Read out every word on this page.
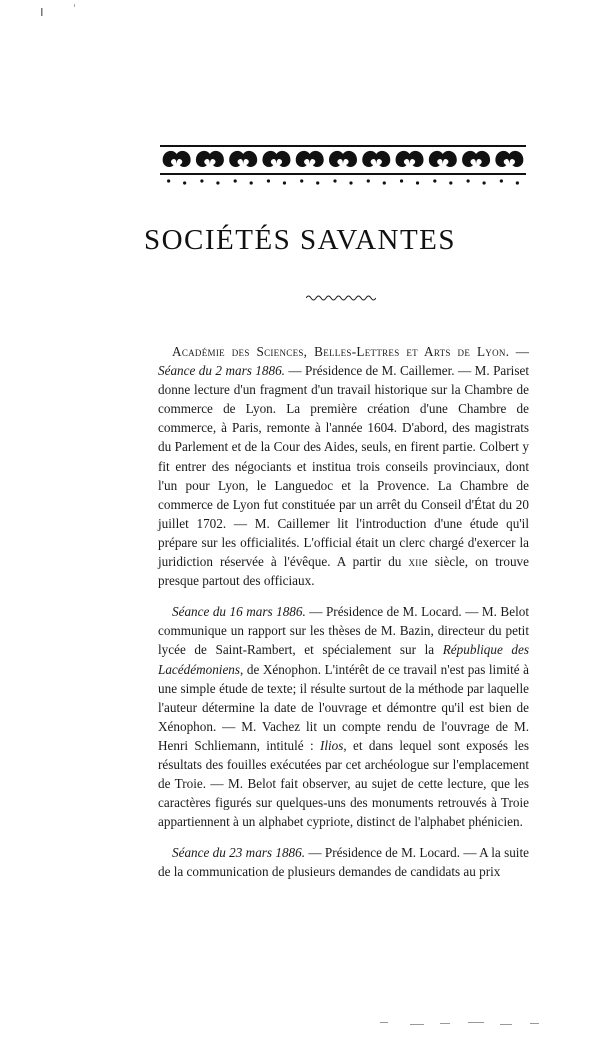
SOCIÉTÉS SAVANTES

Académie des Sciences, Belles-Lettres et Arts de Lyon. — Séance du 2 mars 1886. — Présidence de M. Caillemer. — M. Pariset donne lecture d'un fragment d'un travail historique sur la Chambre de commerce de Lyon. La première création d'une Chambre de commerce, à Paris, remonte à l'année 1604. D'abord, des magistrats du Parlement et de la Cour des Aides, seuls, en firent partie. Colbert y fit entrer des négociants et institua trois conseils provinciaux, dont l'un pour Lyon, le Languedoc et la Provence. La Chambre de commerce de Lyon fut constituée par un arrêt du Conseil d'État du 20 juillet 1702. — M. Caillemer lit l'introduction d'une étude qu'il prépare sur les officialités. L'official était un clerc chargé d'exercer la juridiction réservée à l'évêque. A partir du xiie siècle, on trouve presque partout des officiaux.

Séance du 16 mars 1886. — Présidence de M. Locard. — M. Belot communique un rapport sur les thèses de M. Bazin, directeur du petit lycée de Saint-Rambert, et spécialement sur la République des Lacédémoniens, de Xénophon. L'intérêt de ce travail n'est pas limité à une simple étude de texte; il résulte surtout de la méthode par laquelle l'auteur détermine la date de l'ouvrage et démontre qu'il est bien de Xénophon. — M. Vachez lit un compte rendu de l'ouvrage de M. Henri Schliemann, intitulé : Ilios, et dans lequel sont exposés les résultats des fouilles exécutées par cet archéologue sur l'emplacement de Troie. — M. Belot fait observer, au sujet de cette lecture, que les caractères figurés sur quelques-uns des monuments retrouvés à Troie appartiennent à un alphabet cypriote, distinct de l'alphabet phénicien.

Séance du 23 mars 1886. — Présidence de M. Locard. — A la suite de la communication de plusieurs demandes de candidats au prix
